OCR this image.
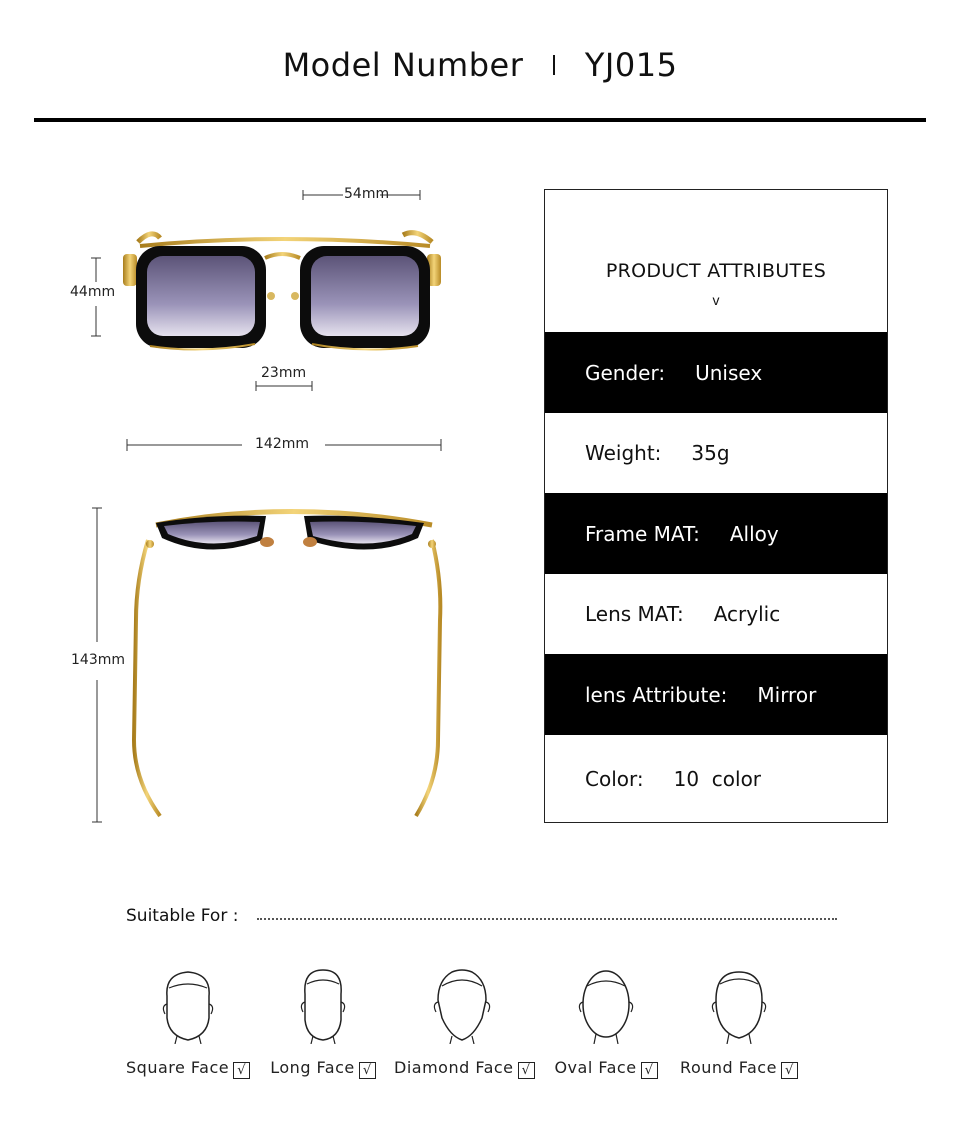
Model Number YJ015
54mm
44mm
23mm
142mm
143mm
PRODUCT ATTRIBUTES
v
Gender: Unisex
Weight: 35g
Frame MAT: Alloy
Lens MAT: Acrylic
lens Attribute: Mirror
Color: 10  color
Suitable For :
Square Face √ Long Face √	Diamond Face √ Oval Face √	Round Face √
